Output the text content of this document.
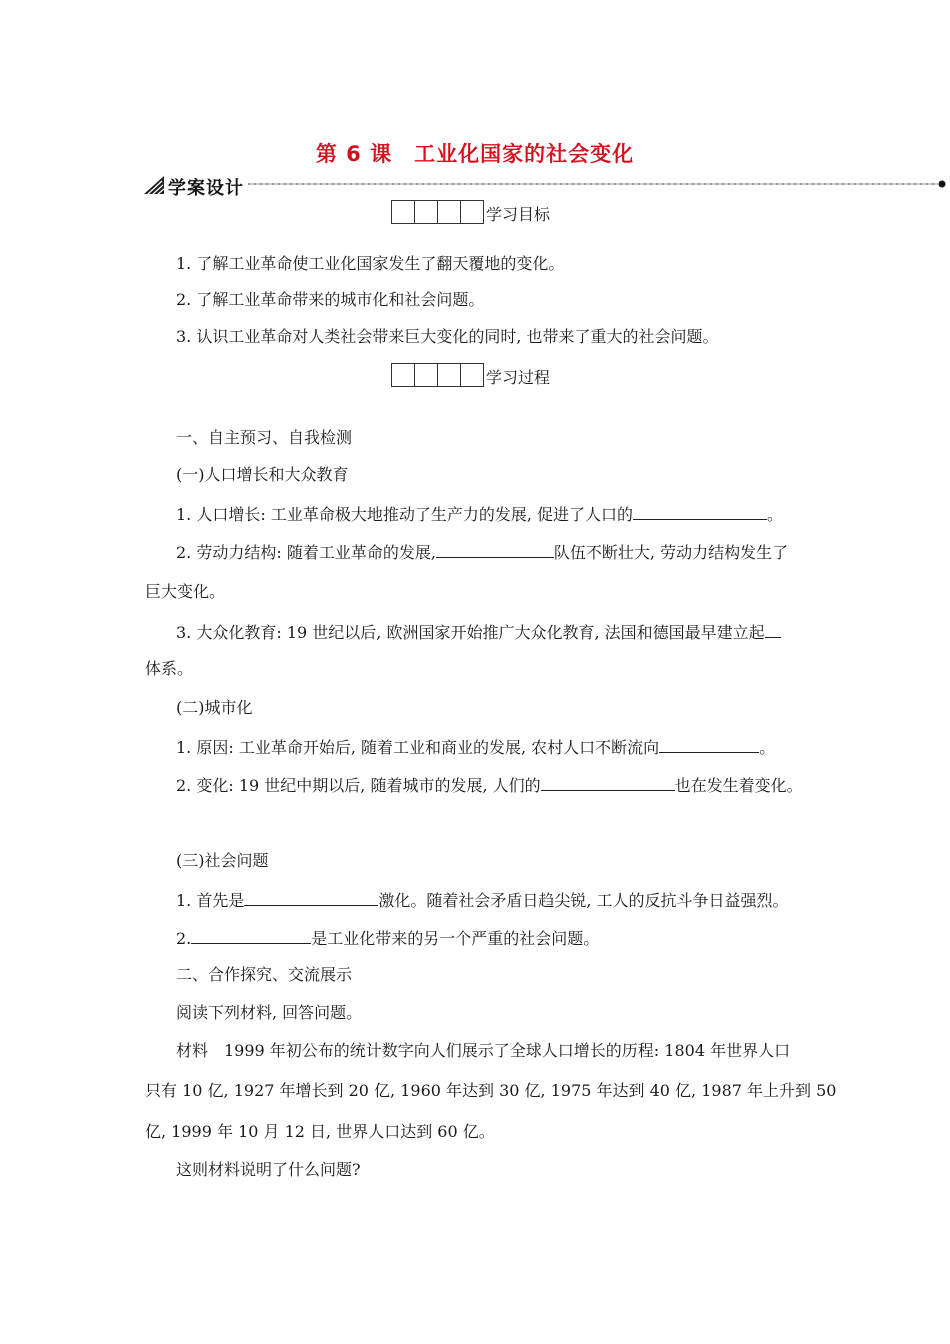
第 6 课　工业化国家的社会变化
学案设计
学习目标
1. 了解工业革命使工业化国家发生了翻天覆地的变化。
2. 了解工业革命带来的城市化和社会问题。
3. 认识工业革命对人类社会带来巨大变化的同时, 也带来了重大的社会问题。
学习过程
一、自主预习、自我检测
(一)人口增长和大众教育
1. 人口增长: 工业革命极大地推动了生产力的发展, 促进了人口的	。
2. 劳动力结构: 随着工业革命的发展,	队伍不断壮大, 劳动力结构发生了
巨大变化。
3. 大众化教育: 19 世纪以后, 欧洲国家开始推广大众化教育, 法国和德国最早建立起
体系。
(二)城市化
1. 原因: 工业革命开始后, 随着工业和商业的发展, 农村人口不断流向	。
2. 变化: 19 世纪中期以后, 随着城市的发展, 人们的	也在发生着变化。
(三)社会问题
1. 首先是	激化。随着社会矛盾日趋尖锐, 工人的反抗斗争日益强烈。
2.	是工业化带来的另一个严重的社会问题。
二、合作探究、交流展示
阅读下列材料, 回答问题。
材料　1999 年初公布的统计数字向人们展示了全球人口增长的历程: 1804 年世界人口
只有 10 亿, 1927 年增长到 20 亿, 1960 年达到 30 亿, 1975 年达到 40 亿, 1987 年上升到 50
亿, 1999 年 10 月 12 日, 世界人口达到 60 亿。
这则材料说明了什么问题?
